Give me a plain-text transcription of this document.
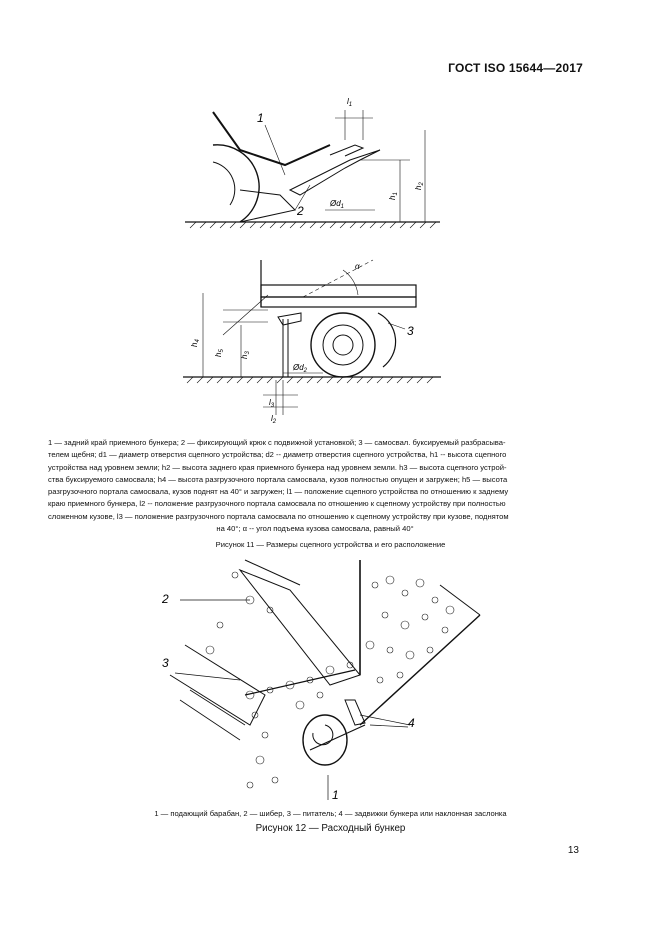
ГОСТ ISO 15644—2017
1
2
$l_1$
$Ød_1$
$h_1$
$h_2$
3
α
$h_4$
$h_5$
$h_3$
$Ød_2$
$l_3$
$l_2$
1 — задний край приемного бункера; 2 — фиксирующий крюк с подвижной установкой; 3 — самосвал. буксируемый разбрасыва-
телем щебня; d1 — диаметр отверстия сцепного устройства; d2 -- диаметр отверстия сцепного устройства, h1 -- высота сцепного
устройства над уровнем земли; h2 — высота заднего края приемного бункера над уровнем земли. h3 — высота сцепного устрой-
ства буксируемого самосвала; h4 — высота разгрузочного портала самосвала, кузов полностью опущен и загружен; h5 — высота
разгрузочного портала самосвала, кузов поднят на 40° и загружен; l1 — положение сцепного устройства по отношению к заднему
краю приемного бункера, l2 -- положение разгрузочного портала самосвала по отношению к сцепному устройству при полностью
сложенном кузове, l3 — положение разгрузочного портала самосвала по отношению к сцепному устройству при кузове, поднятом
на 40°; α -- угол подъема кузова самосвала, равный 40°
Рисунок 11 — Размеры сцепного устройства и его расположение
2
3
4
1
1 — подающий барабан, 2 — шибер, 3 — питатель; 4 — задвижки бункера или наклонная заслонка
Рисунок 12 — Расходный бункер
13
